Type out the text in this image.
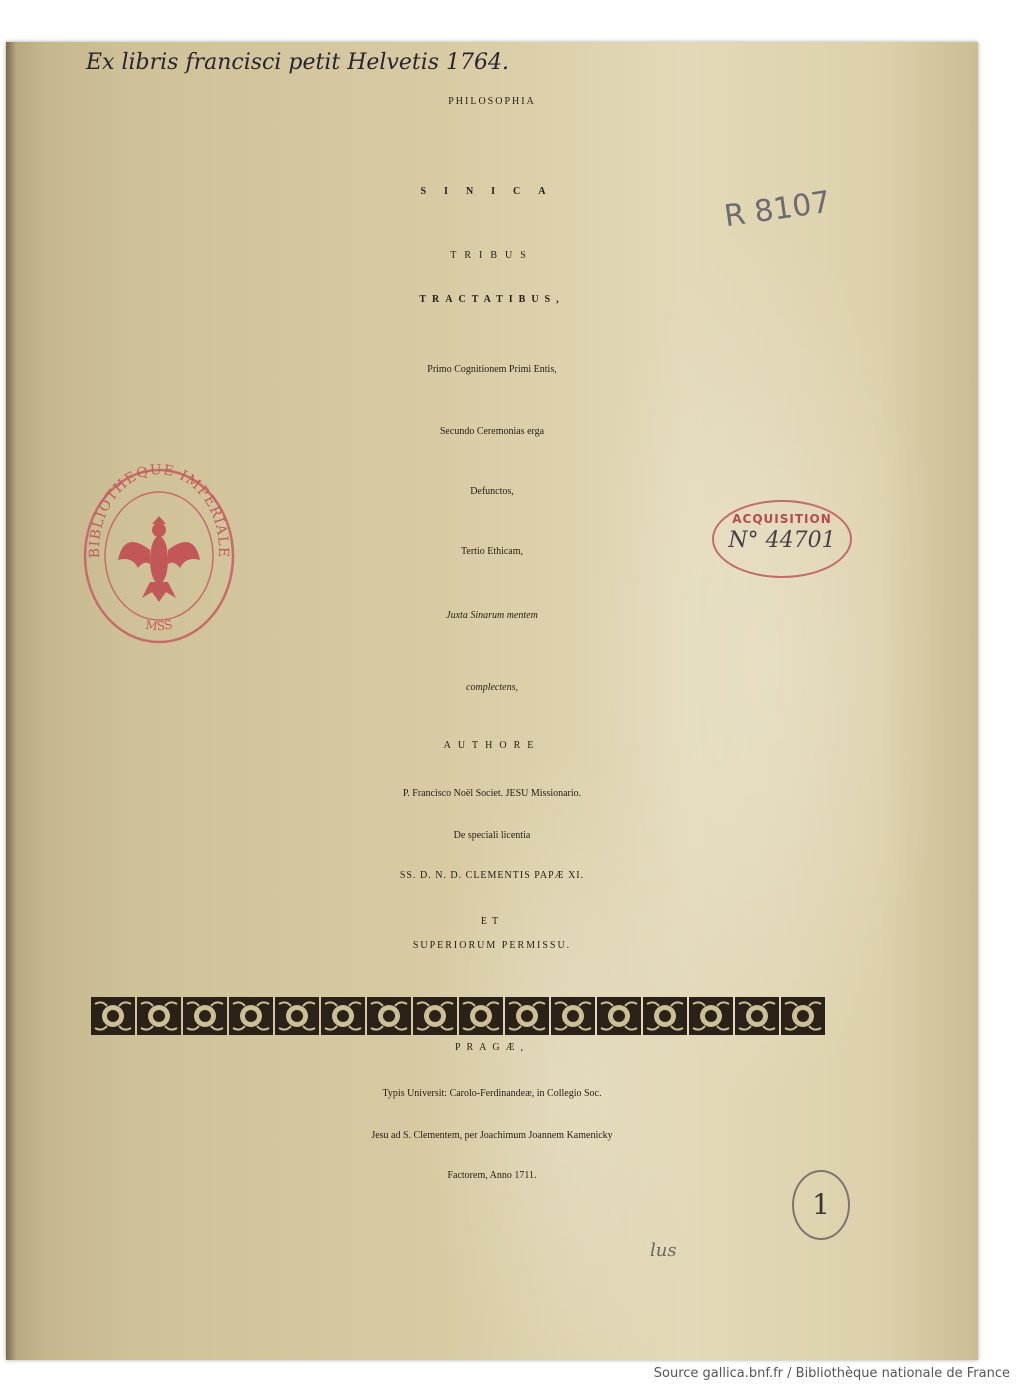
Ex libris francisci petit Helvetis 1764.
R 8107

PHILOSOPHIA

SINICA

TRIBUS

TRACTATIBUS,

Primo Cognitionem Primi Entis,

Secundo Ceremonias erga

Defunctos,

Tertio Ethicam,

Juxta Sinarum mentem

complectens,

AUTHORE

P. Francisco Noël Societ. JESU Missionario.

De speciali licentia

SS. D. N. D. CLEMENTIS PAPÆ XI.

ET

SUPERIORUM PERMISSU.

PRAGÆ,

Typis Universit: Carolo-Ferdinandeæ, in Collegio Soc.

Jesu ad S. Clementem, per Joachimum Joannem Kamenicky

Factorem, Anno 1711.

BIBLIOTHEQUE IMPERIALE
MSS
ACQUISITION
N° 44701
1
lus
Source gallica.bnf.fr / Bibliothèque nationale de France
